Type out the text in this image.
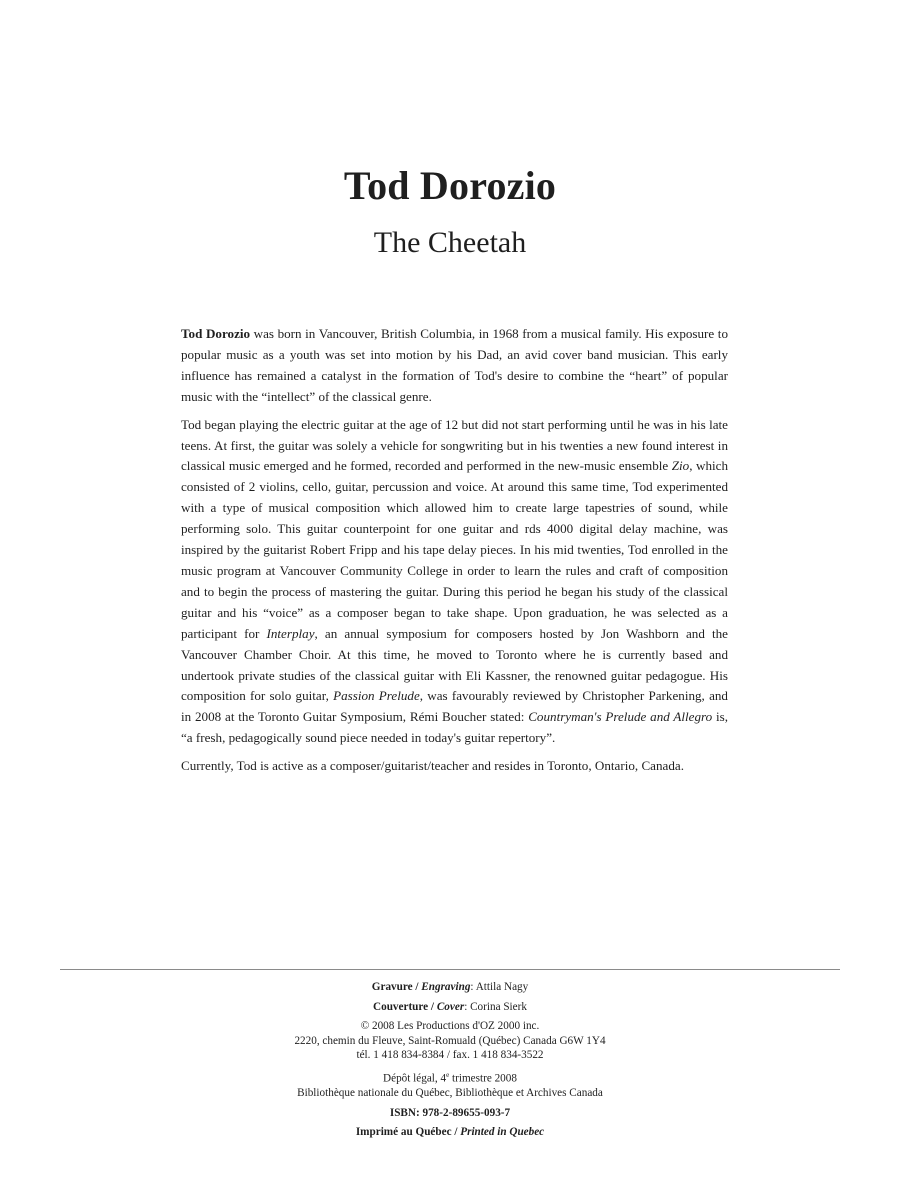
Tod Dorozio
The Cheetah

Tod Dorozio was born in Vancouver, British Columbia, in 1968 from a musical family. His exposure to popular music as a youth was set into motion by his Dad, an avid cover band musician. This early influence has remained a catalyst in the formation of Tod's desire to combine the “heart” of popular music with the “intellect” of the classical genre.

Tod began playing the electric guitar at the age of 12 but did not start performing until he was in his late teens. At first, the guitar was solely a vehicle for songwriting but in his twenties a new found interest in classical music emerged and he formed, recorded and performed in the new-music ensemble Zio, which consisted of 2 violins, cello, guitar, percussion and voice. At around this same time, Tod experimented with a type of musical composition which allowed him to create large tapestries of sound, while performing solo. This guitar counterpoint for one guitar and rds 4000 digital delay machine, was inspired by the guitarist Robert Fripp and his tape delay pieces. In his mid twenties, Tod enrolled in the music program at Vancouver Community College in order to learn the rules and craft of composition and to begin the process of mastering the guitar. During this period he began his study of the classical guitar and his “voice” as a composer began to take shape. Upon graduation, he was selected as a participant for Interplay, an annual symposium for composers hosted by Jon Washborn and the Vancouver Chamber Choir. At this time, he moved to Toronto where he is currently based and undertook private studies of the classical guitar with Eli Kassner, the renowned guitar pedagogue. His composition for solo guitar, Passion Prelude, was favourably reviewed by Christopher Parkening, and in 2008 at the Toronto Guitar Symposium, Rémi Boucher stated: Countryman's Prelude and Allegro is, “a fresh, pedagogically sound piece needed in today's guitar repertory”.

Currently, Tod is active as a composer/guitarist/teacher and resides in Toronto, Ontario, Canada.

Gravure / Engraving: Attila Nagy
Couverture / Cover: Corina Sierk
© 2008 Les Productions d'OZ 2000 inc.
2220, chemin du Fleuve, Saint-Romuald (Québec) Canada G6W 1Y4
tél. 1 418 834-8384 / fax. 1 418 834-3522
Dépôt légal, 4e trimestre 2008
Bibliothèque nationale du Québec, Bibliothèque et Archives Canada
ISBN: 978-2-89655-093-7
Imprimé au Québec / Printed in Quebec
